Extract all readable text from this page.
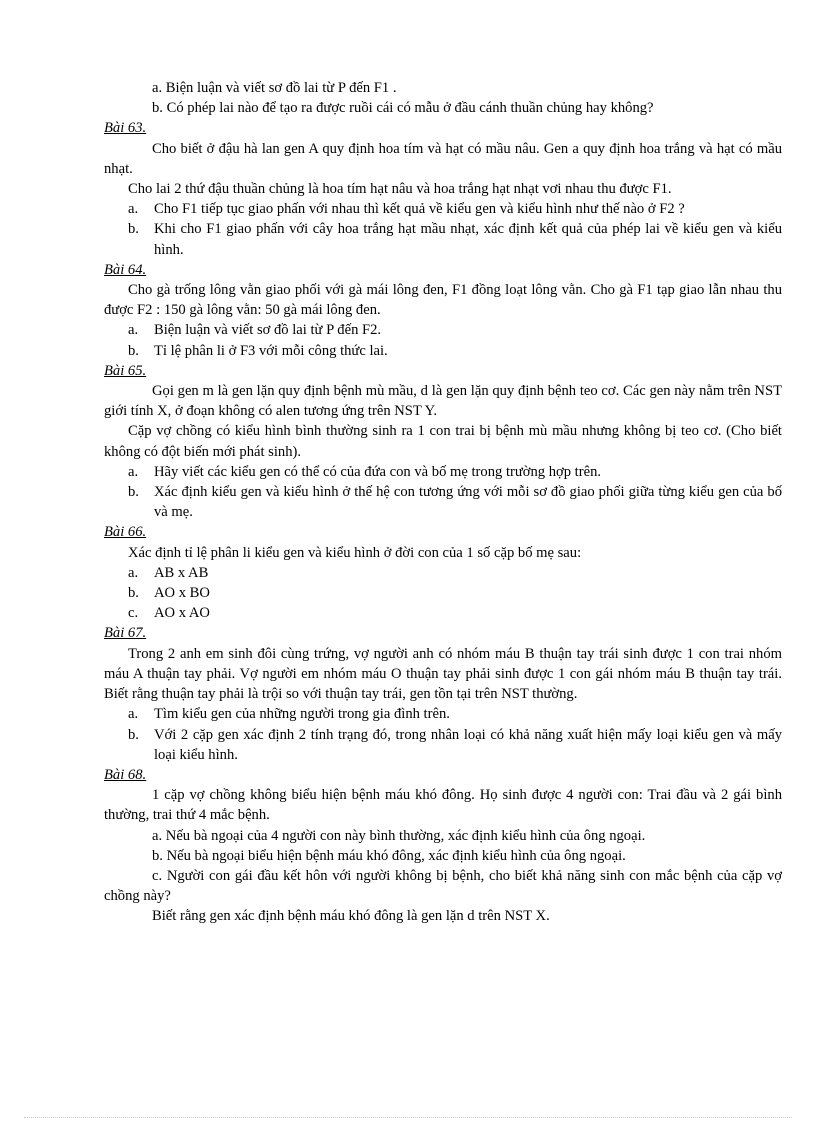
a. Biện luận và viết sơ đồ lai từ P đến F1 .

b. Có phép lai nào để tạo ra được ruồi cái có mẫu ở đầu cánh thuần chủng hay không?

Bài 63.

Cho biết ở đậu hà lan gen A quy định hoa tím và hạt có mầu nâu. Gen a quy định hoa trắng và hạt có mầu nhạt.

Cho lai 2 thứ đậu thuần chủng là hoa tím hạt nâu và hoa trắng hạt nhạt vơi nhau thu được F1.

a.	Cho F1 tiếp tục giao phấn với nhau thì kết quả về kiểu gen và kiểu hình như thế nào ở F2 ?
b.	Khi cho F1 giao phấn với cây hoa trắng hạt mầu nhạt, xác định kết quả của phép lai về kiểu gen và kiểu hình.

Bài 64.

Cho gà trống lông vằn giao phối với gà mái lông đen, F1 đồng loạt lông vằn. Cho gà F1 tạp giao lẫn nhau thu được F2 : 150 gà lông vằn: 50 gà mái lông đen.

a.	Biện luận và viết sơ đồ lai từ P đến F2.
b.	Tỉ lệ phân li ở F3 với mỗi công thức lai.

Bài 65.

Gọi gen m là gen lặn quy định bệnh mù mầu, d là gen lặn quy định bệnh teo cơ. Các gen này nằm trên NST giới tính X, ở đoạn không có alen tương ứng trên NST Y.

Cặp vợ chồng có kiểu hình bình thường sinh ra 1 con trai bị bệnh mù mầu nhưng không bị teo cơ. (Cho biết không có đột biến mới phát sinh).

a.	Hãy viết các kiểu gen có thể có của đứa con và bố mẹ trong trường hợp trên.
b.	Xác định kiểu gen và kiểu hình ở thế hệ con tương ứng với mỗi sơ đồ giao phối giữa từng kiểu gen của bố và mẹ.

Bài 66.

Xác định tỉ lệ phân li kiểu gen và kiểu hình ở đời con của 1 số cặp bố mẹ sau:

a.	AB x AB
b.	AO x BO
c.	AO x AO

Bài 67.

Trong 2 anh em sinh đôi cùng trứng, vợ người anh có nhóm máu B thuận tay trái sinh được 1 con trai nhóm máu A thuận tay phải. Vợ người em nhóm máu O thuận tay phải sinh được 1 con gái nhóm máu B thuận tay trái. Biết rằng thuận tay phải là trội so với thuận tay trái, gen tồn tại trên NST thường.

a.	Tìm kiểu gen của những người trong gia đình trên.
b.	Với 2 cặp gen xác định 2 tính trạng đó, trong nhân loại có khả năng xuất hiện mấy loại kiểu gen và mấy loại kiểu hình.

Bài 68.

1 cặp vợ chồng không biểu hiện bệnh máu khó đông. Họ sinh được 4 người con: Trai đầu và 2 gái bình thường, trai thứ 4 mắc bệnh.

a. Nếu bà ngoại của 4 người con này bình thường, xác định kiểu hình của ông ngoại.

b. Nếu bà ngoại biểu hiện bệnh máu khó đông, xác định kiểu hình của ông ngoại.

c. Người con gái đầu kết hôn với người không bị bệnh, cho biết khả năng sinh con mắc bệnh của cặp vợ chồng này?

Biết rằng gen xác định bệnh máu khó đông là gen lặn d trên NST X.
